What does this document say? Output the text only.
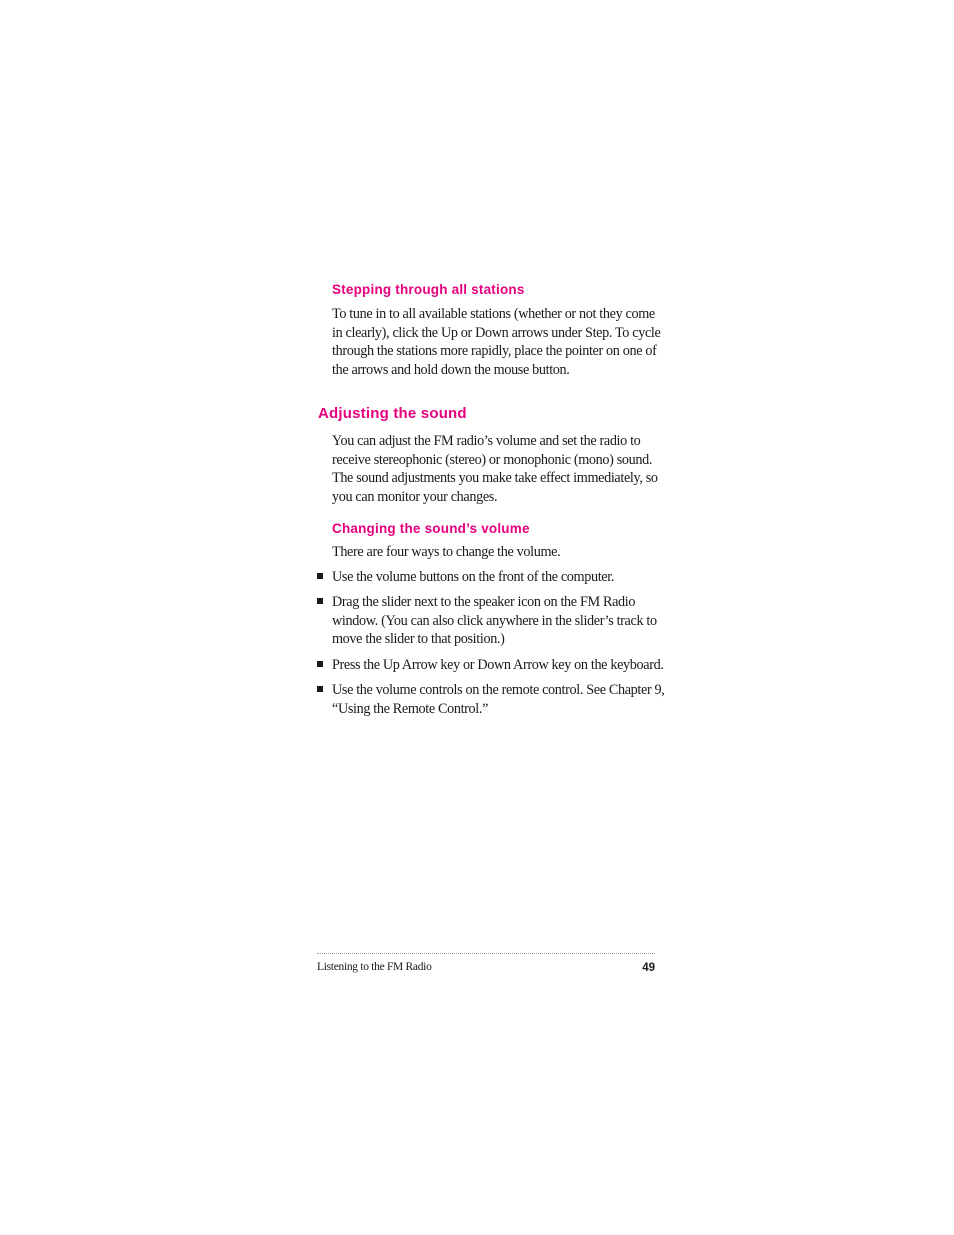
Stepping through all stations

To tune in to all available stations (whether or not they come in clearly), click the Up or Down arrows under Step. To cycle through the stations more rapidly, place the pointer on one of the arrows and hold down the mouse button.

Adjusting the sound

You can adjust the FM radio’s volume and set the radio to receive stereophonic (stereo) or monophonic (mono) sound. The sound adjustments you make take effect immediately, so you can monitor your changes.

Changing the sound’s volume

There are four ways to change the volume.

Use the volume buttons on the front of the computer.

Drag the slider next to the speaker icon on the FM Radio window. (You can also click anywhere in the slider’s track to move the slider to that position.)

Press the Up Arrow key or Down Arrow key on the keyboard.

Use the volume controls on the remote control. See Chapter 9, “Using the Remote Control.”

Listening to the FM Radio	49
